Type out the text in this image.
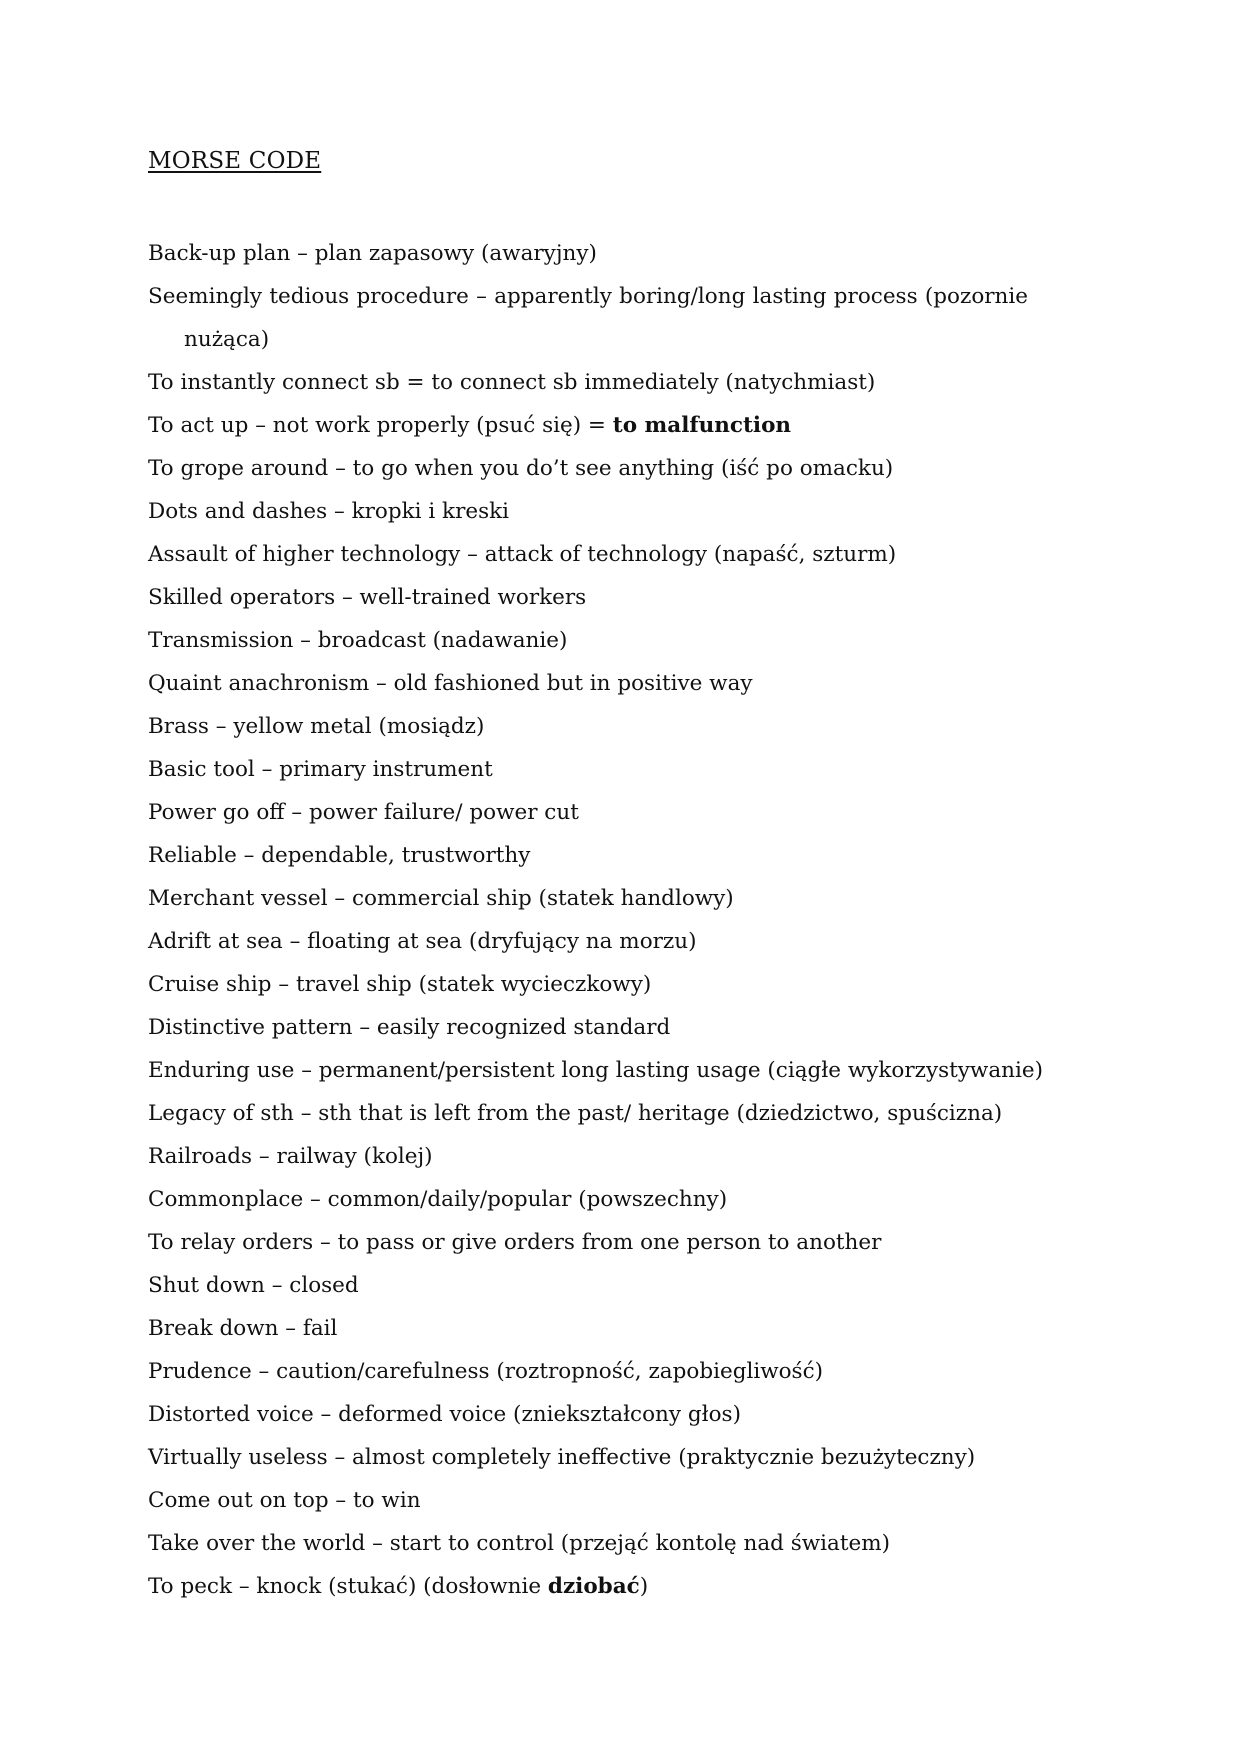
MORSE CODE
Back-up plan – plan zapasowy (awaryjny)
Seemingly tedious procedure – apparently boring/long lasting process (pozornie nużąca)
To instantly connect sb = to connect sb immediately (natychmiast)
To act up – not work properly (psuć się) = to malfunction
To grope around – to go when you do’t see anything (iść po omacku)
Dots and dashes – kropki i kreski
Assault of higher technology – attack of technology (napaść, szturm)
Skilled operators – well-trained workers
Transmission – broadcast (nadawanie)
Quaint anachronism – old fashioned but in positive way
Brass – yellow metal (mosiądz)
Basic tool – primary instrument
Power go off – power failure/ power cut
Reliable – dependable, trustworthy
Merchant vessel – commercial ship (statek handlowy)
Adrift at sea – floating at sea (dryfujący na morzu)
Cruise ship – travel ship (statek wycieczkowy)
Distinctive pattern – easily recognized standard
Enduring use – permanent/persistent long lasting usage (ciągłe wykorzystywanie)
Legacy of sth – sth that is left from the past/ heritage (dziedzictwo, spuścizna)
Railroads – railway (kolej)
Commonplace – common/daily/popular (powszechny)
To relay orders – to pass or give orders from one person to another
Shut down – closed
Break down – fail
Prudence – caution/carefulness (roztropność, zapobiegliwość)
Distorted voice – deformed voice (zniekształcony głos)
Virtually useless – almost completely ineffective (praktycznie bezużyteczny)
Come out on top – to win
Take over the world – start to control (przejąć kontolę nad światem)
To peck – knock (stukać) (dosłownie dziobać)
